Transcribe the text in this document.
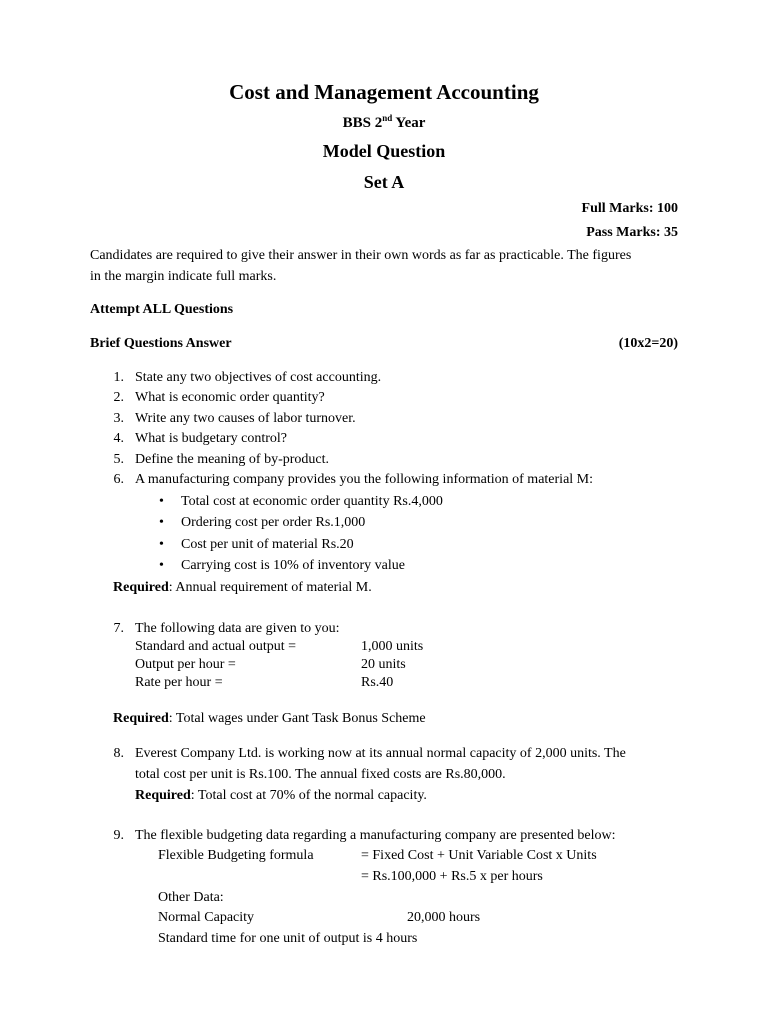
Cost and Management Accounting
BBS 2nd Year
Model Question
Set A
Full Marks: 100
Pass Marks: 35
Candidates are required to give their answer in their own words as far as practicable. The figures
in the margin indicate full marks.
Attempt ALL Questions
Brief Questions Answer	(10x2=20)
1. State any two objectives of cost accounting.
2. What is economic order quantity?
3. Write any two causes of labor turnover.
4. What is budgetary control?
5. Define the meaning of by-product.
6. A manufacturing company provides you the following information of material M:
• Total cost at economic order quantity Rs.4,000
• Ordering cost per order Rs.1,000
• Cost per unit of material Rs.20
• Carrying cost is 10% of inventory value
Required: Annual requirement of material M.
7. The following data are given to you:
Standard and actual output =	1,000 units
Output per hour =	20 units
Rate per hour =	Rs.40
Required: Total wages under Gant Task Bonus Scheme
8. Everest Company Ltd. is working now at its annual normal capacity of 2,000 units. The
total cost per unit is Rs.100. The annual fixed costs are Rs.80,000.
Required: Total cost at 70% of the normal capacity.
9. The flexible budgeting data regarding a manufacturing company are presented below:
Flexible Budgeting formula	= Fixed Cost + Unit Variable Cost x Units
= Rs.100,000 + Rs.5 x per hours
Other Data:
Normal Capacity	20,000 hours
Standard time for one unit of output is 4 hours
